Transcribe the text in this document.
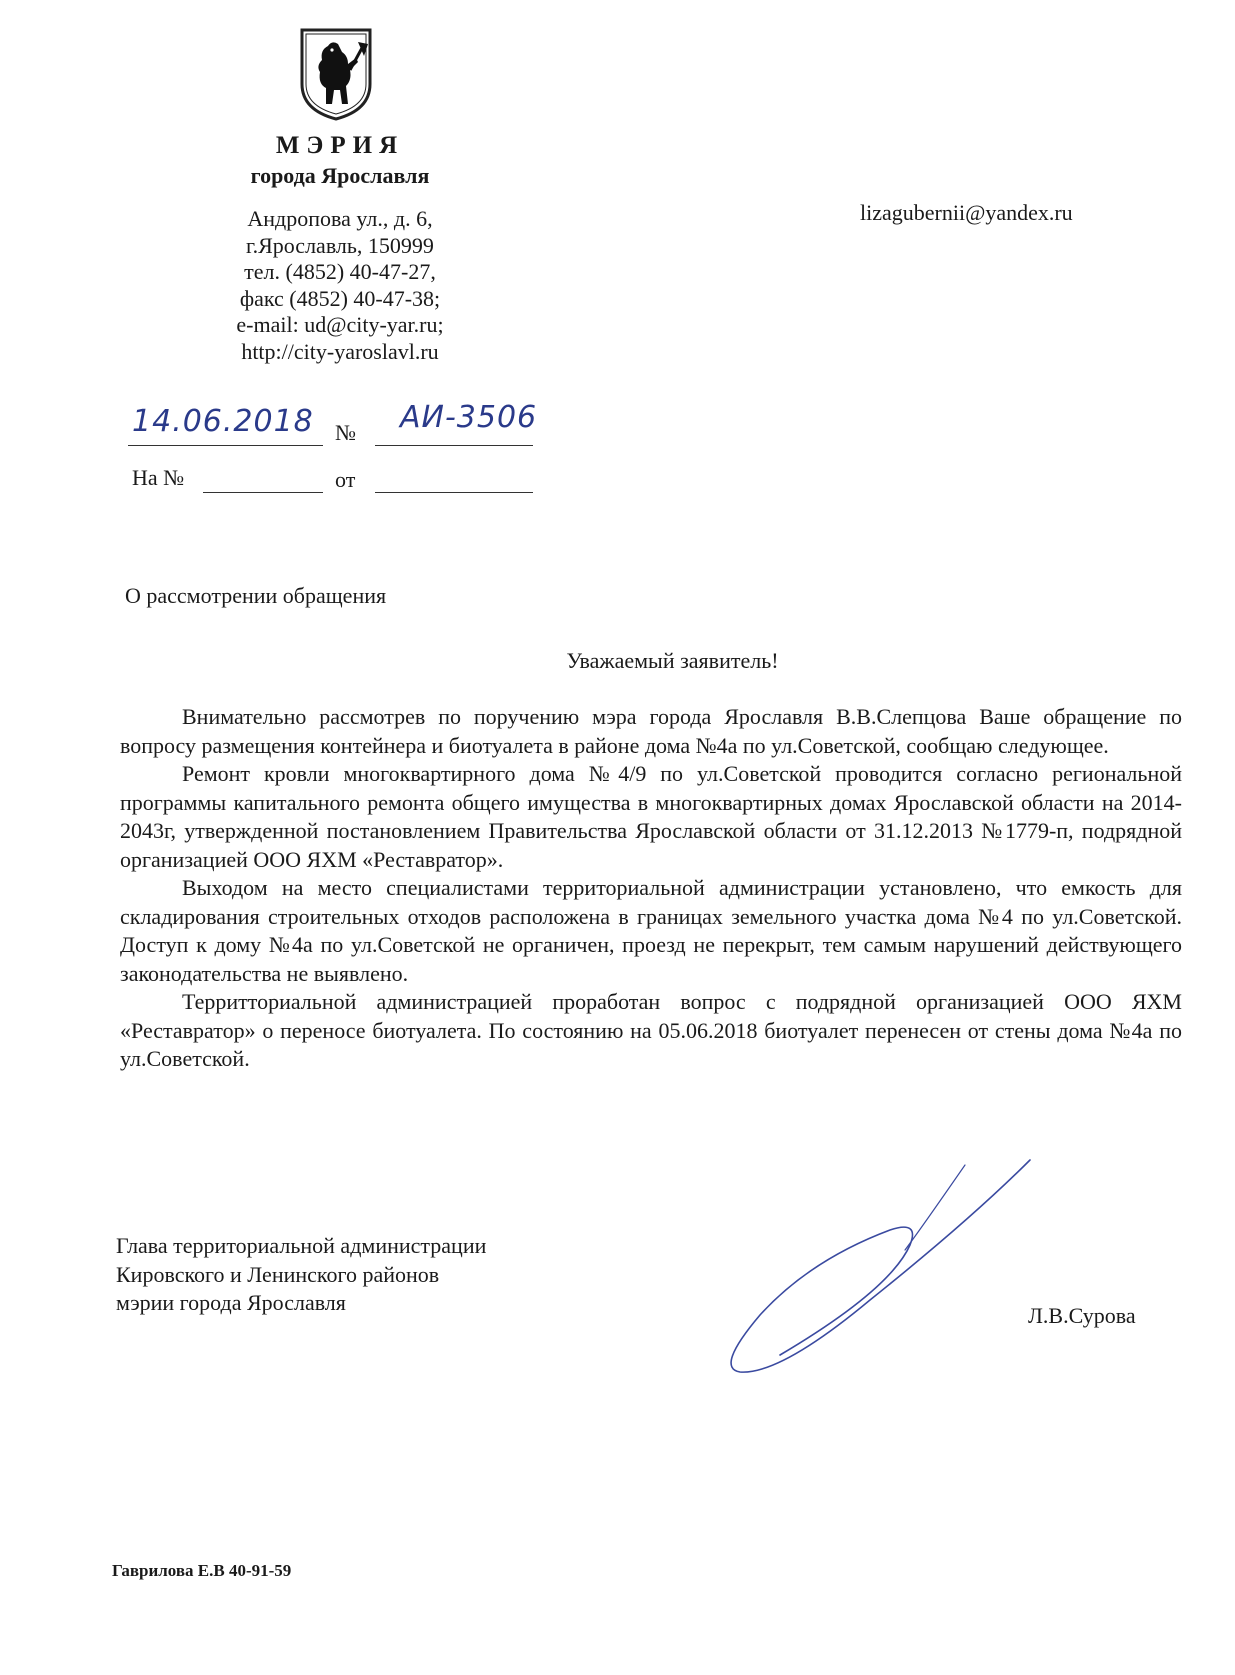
МЭРИЯ
города Ярославля
Андропова ул., д. 6,
г.Ярославль, 150999
тел. (4852) 40-47-27,
факс (4852) 40-47-38;
e-mail: ud@city-yar.ru;
http://city-yaroslavl.ru
lizagubernii@yandex.ru
14.06.2018 № АИ-3506
На №	от
О рассмотрении обращения
Уважаемый заявитель!

Внимательно рассмотрев по поручению мэра города Ярославля В.В.Слепцова Ваше обращение по вопросу размещения контейнера и биотуалета в районе дома №4а по ул.Советской, сообщаю следующее.

Ремонт кровли многоквартирного дома №4/9 по ул.Советской проводится согласно региональной программы капитального ремонта общего имущества в многоквартирных домах Ярославской области на 2014-2043г, утвержденной постановлением Правительства Ярославской области от 31.12.2013 №1779-п, подрядной организацией ООО ЯХМ «Реставратор».

Выходом на место специалистами территориальной администрации установлено, что емкость для складирования строительных отходов расположена в границах земельного участка дома №4 по ул.Советской. Доступ к дому №4а по ул.Советской не органичен, проезд не перекрыт, тем самым нарушений действующего законодательства не выявлено.

Территториальной администрацией проработан вопрос с подрядной организацией ООО ЯХМ «Реставратор» о переносе биотуалета. По состоянию на 05.06.2018 биотуалет перенесен от стены дома №4а по ул.Советской.

Глава территориальной администрации
Кировского и Ленинского районов
мэрии города Ярославля
Л.В.Сурова
Гаврилова Е.В 40-91-59
